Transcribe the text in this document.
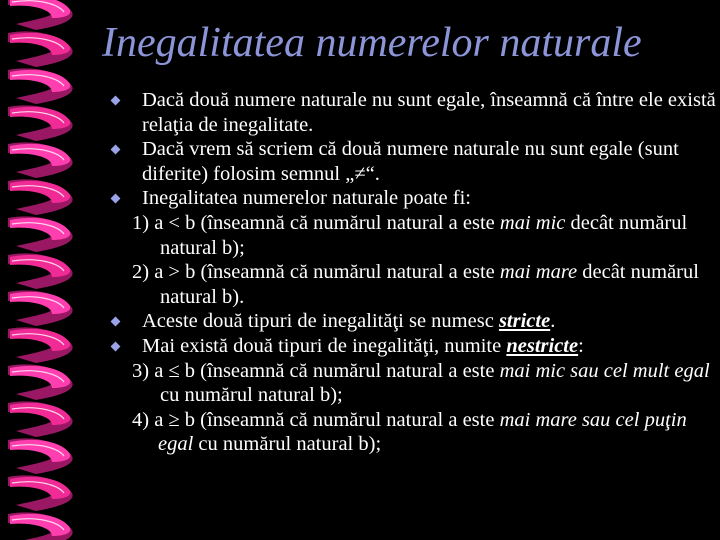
Inegalitatea numerelor naturale
Dacă două numere naturale nu sunt egale, înseamnă că între ele există relaţia de inegalitate.
Dacă vrem să scriem că două numere naturale nu sunt egale (sunt diferite) folosim semnul „≠“.
Inegalitatea numerelor naturale poate fi:
1) a < b (înseamnă că numărul natural a este mai mic decât numărul natural b);
2) a > b (înseamnă că numărul natural a este mai mare decât numărul natural b).
Aceste două tipuri de inegalităţi se numesc stricte.
Mai există două tipuri de inegalităţi, numite nestricte:
3) a ≤ b (înseamnă că numărul natural a este mai mic sau cel mult egal cu numărul natural b);
4) a ≥ b (înseamnă că numărul natural a este mai mare sau cel puţin egal cu numărul natural b);
